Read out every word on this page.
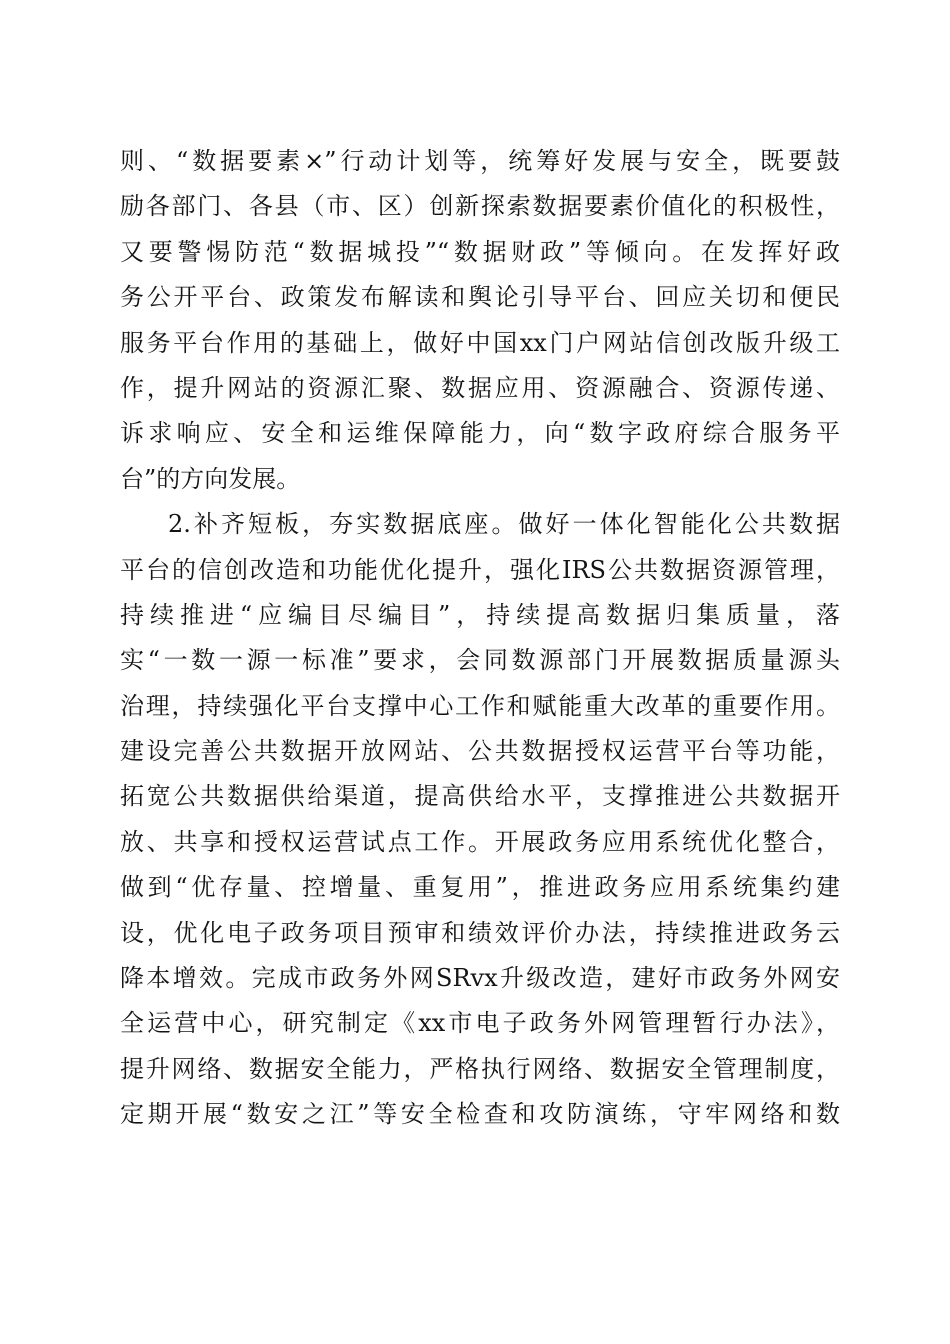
则、“数据要素×”行动计划等，统筹好发展与安全，既要鼓
励各部门、各县（市、区）创新探索数据要素价值化的积极性，
又要警惕防范“数据城投”“数据财政”等倾向。在发挥好政
务公开平台、政策发布解读和舆论引导平台、回应关切和便民
服务平台作用的基础上，做好中国xx门户网站信创改版升级工
作，提升网站的资源汇聚、数据应用、资源融合、资源传递、
诉求响应、安全和运维保障能力，向“数字政府综合服务平
台”的方向发展。
2.补齐短板，夯实数据底座。做好一体化智能化公共数据
平台的信创改造和功能优化提升，强化IRS公共数据资源管理，
持续推进“应编目尽编目”，持续提高数据归集质量，落
实“一数一源一标准”要求，会同数源部门开展数据质量源头
治理，持续强化平台支撑中心工作和赋能重大改革的重要作用。
建设完善公共数据开放网站、公共数据授权运营平台等功能，
拓宽公共数据供给渠道，提高供给水平，支撑推进公共数据开
放、共享和授权运营试点工作。开展政务应用系统优化整合，
做到“优存量、控增量、重复用”，推进政务应用系统集约建
设，优化电子政务项目预审和绩效评价办法，持续推进政务云
降本增效。完成市政务外网SRvx升级改造，建好市政务外网安
全运营中心，研究制定《xx市电子政务外网管理暂行办法》，
提升网络、数据安全能力，严格执行网络、数据安全管理制度，
定期开展“数安之江”等安全检查和攻防演练，守牢网络和数
